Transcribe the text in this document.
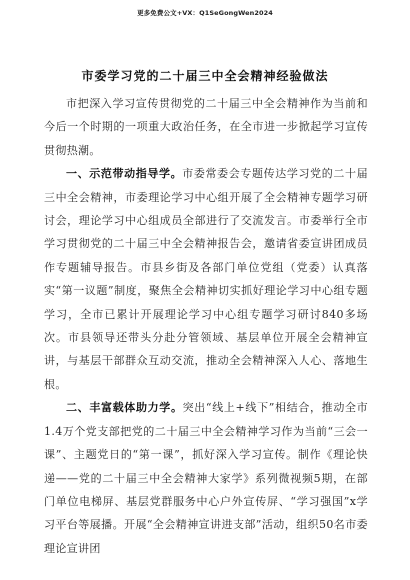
更多免费公文+VX：Q1SeGongWen2024
市委学习党的二十届三中全会精神经验做法

市把深入学习宣传贯彻党的二十届三中全会精神作为当前和今后一个时期的一项重大政治任务，在全市进一步掀起学习宣传贯彻热潮。

一、示范带动指导学。市委常委会专题传达学习党的二十届三中全会精神，市委理论学习中心组开展了全会精神专题学习研讨会，理论学习中心组成员全部进行了交流发言。市委举行全市学习贯彻党的二十届三中全会精神报告会，邀请省委宣讲团成员作专题辅导报告。市县乡街及各部门单位党组（党委）认真落实“第一议题”制度，聚焦全会精神切实抓好理论学习中心组专题学习，全市已累计开展理论学习中心组专题学习研讨840多场次。市县领导还带头分赴分管领域、基层单位开展全会精神宣讲，与基层干部群众互动交流，推动全会精神深入人心、落地生根。

二、丰富载体助力学。突出“线上+线下”相结合，推动全市1.4万个党支部把党的二十届三中全会精神学习作为当前“三会一课”、主题党日的“第一课”，抓好深入学习宣传。制作《理论快递——党的二十届三中全会精神大家学》系列微视频5期，在部门单位电梯屏、基层党群服务中心户外宣传屏、“学习强国”x学习平台等展播。开展“全会精神宣讲进支部”活动，组织50名市委理论宣讲团
